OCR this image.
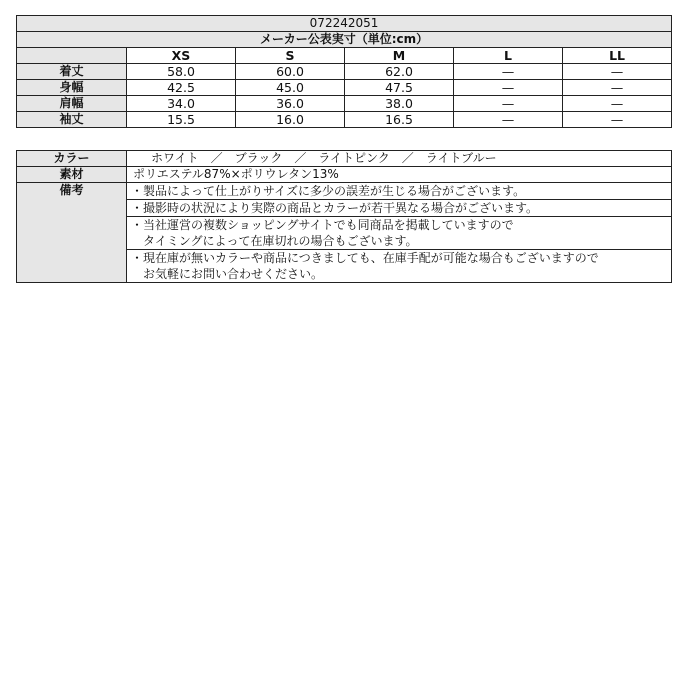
072242051					
メーカー公表実寸（単位:cm）					
	XS	S	M	L	LL
着丈	58.0	60.0	62.0	—	—
身幅	42.5	45.0	47.5	—	—
肩幅	34.0	36.0	38.0	—	—
袖丈	15.5	16.0	16.5	—	—
カラー	ホワイト　／　ブラック　／　ライトピンク　／　ライトブルー
素材	ポリエステル87%×ポリウレタン13%
備考	・製品によって仕上がりサイズに多少の誤差が生じる場合がございます。

	・撮影時の状況により実際の商品とカラーが若干異なる場合がございます。

	・当社運営の複数ショッピングサイトでも同商品を掲載していますので
　タイミングによって在庫切れの場合もございます。

	・現在庫が無いカラーや商品につきましても、在庫手配が可能な場合もございますので
　お気軽にお問い合わせください。
